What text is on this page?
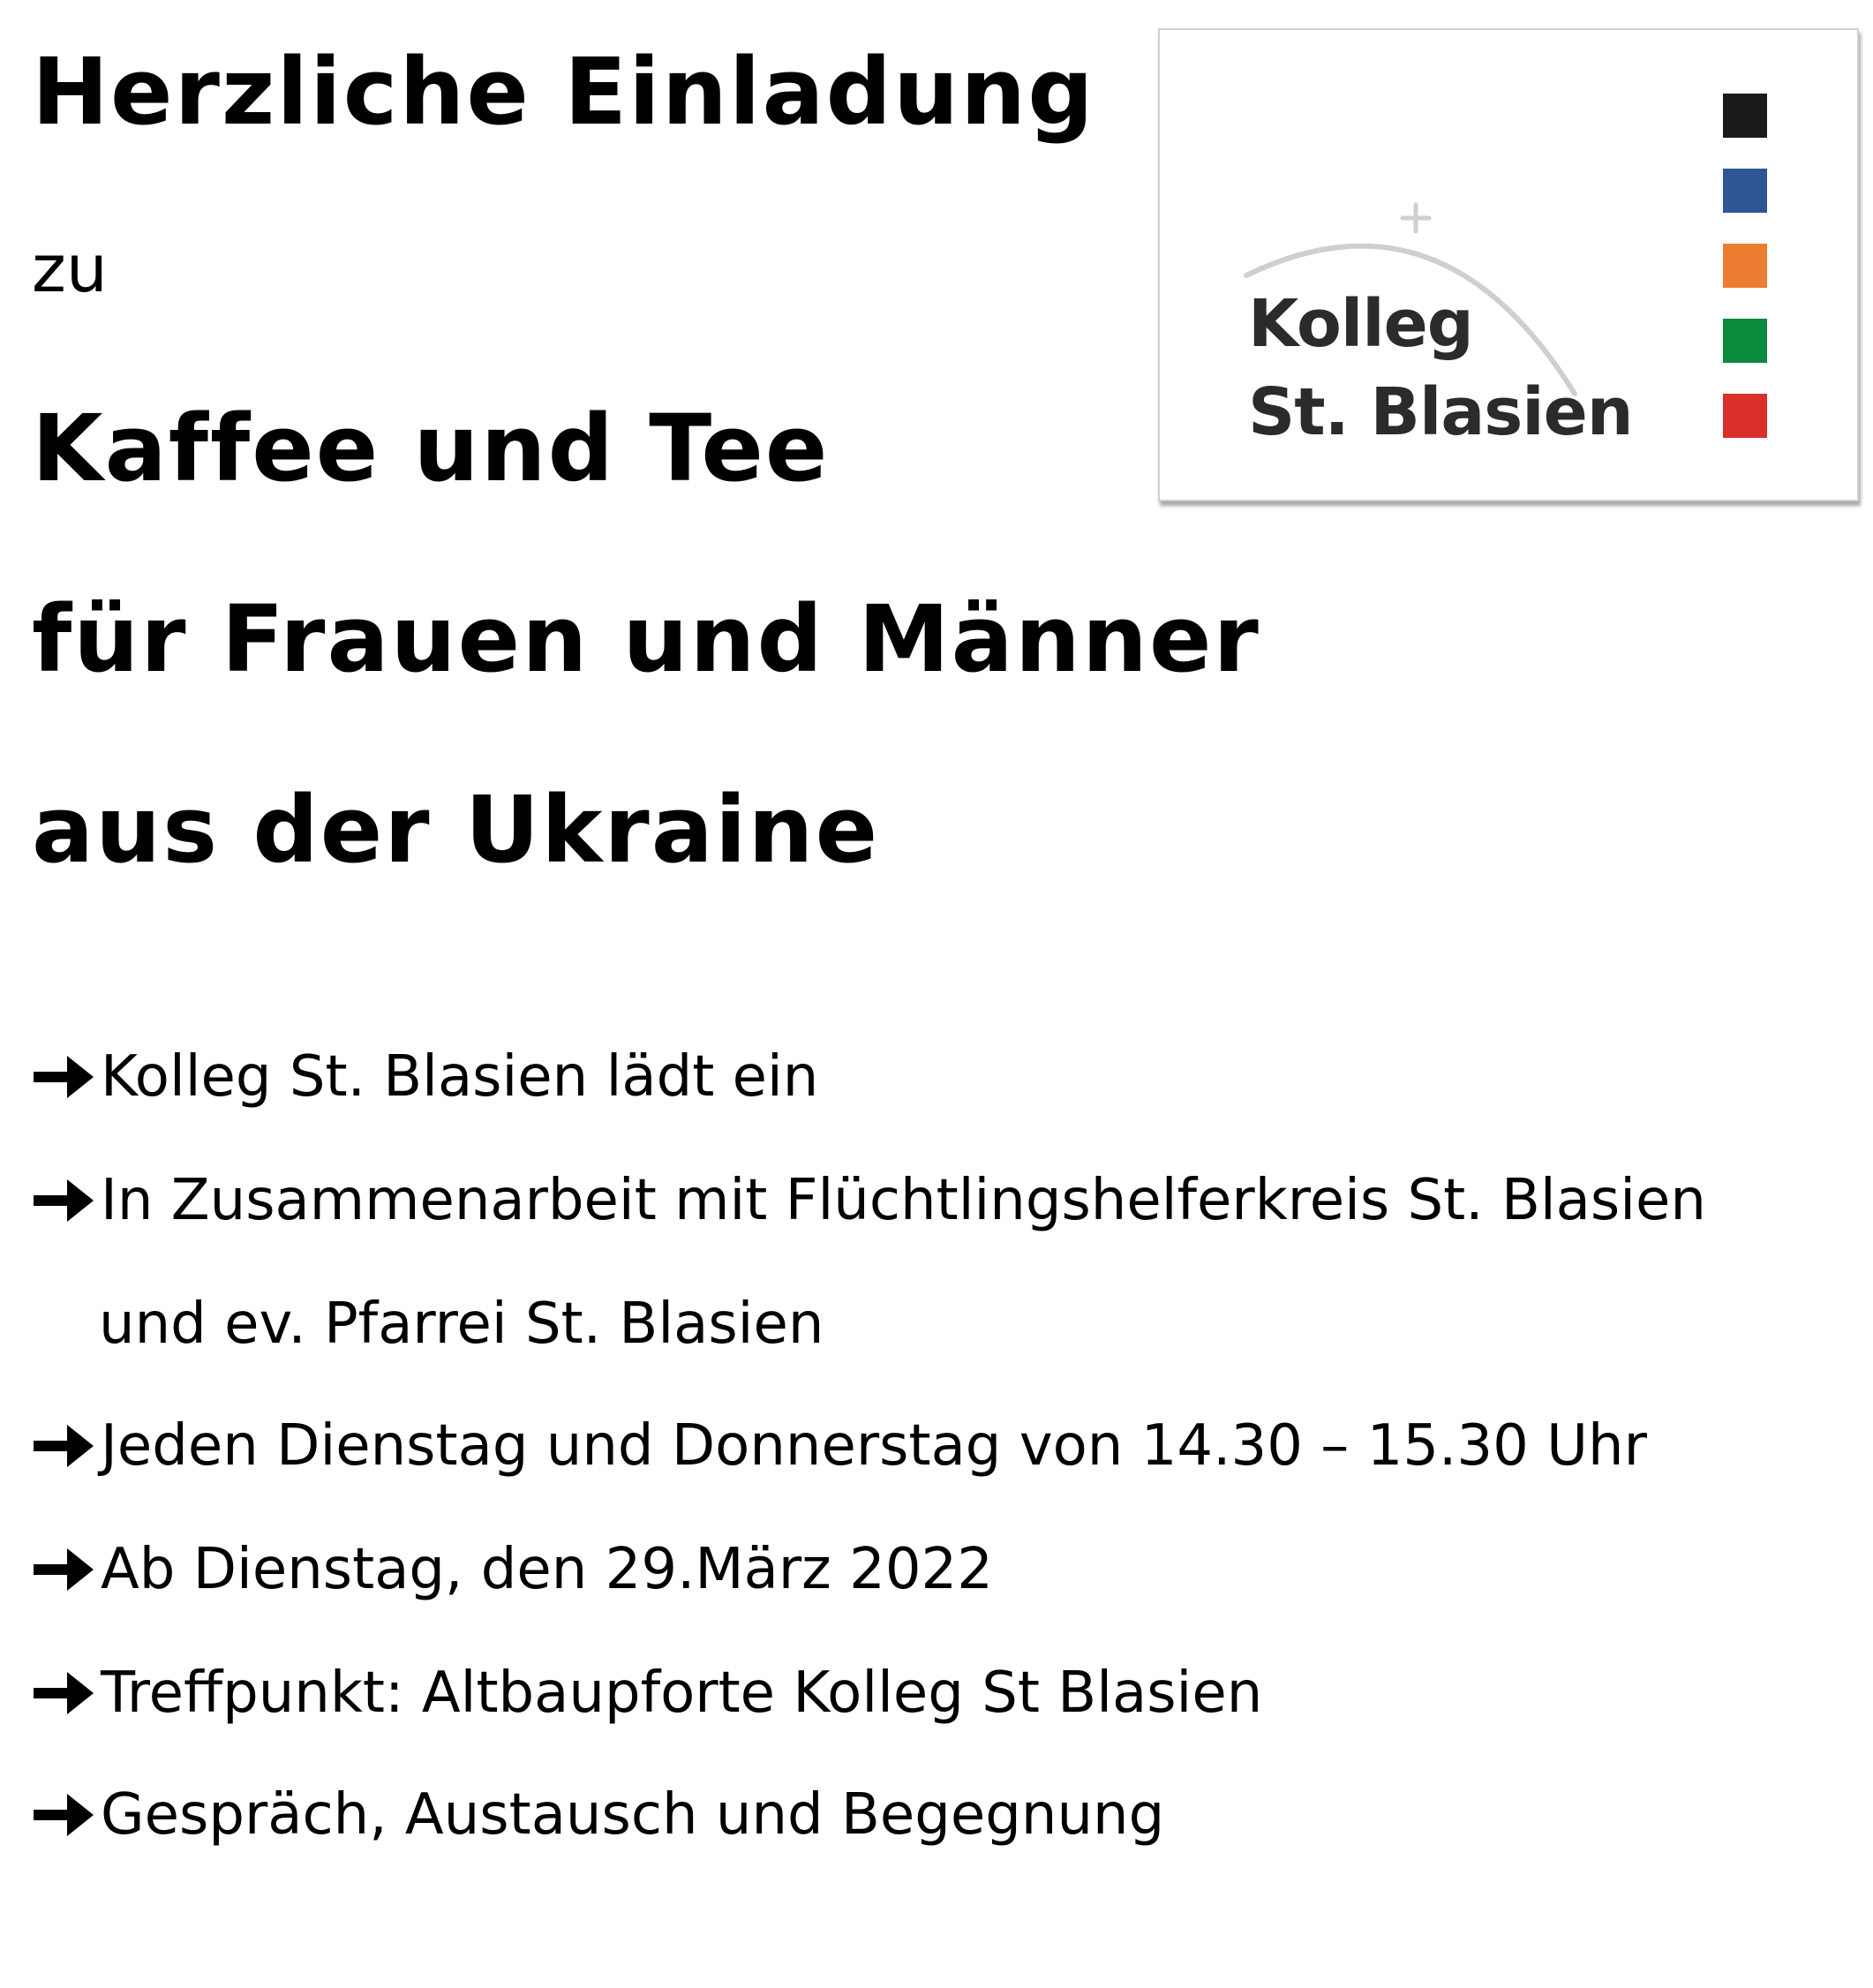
Herzliche Einladung

zu

Kaffee und Tee
für Frauen und Männer
aus der Ukraine
Kolleg
St. Blasien
Kolleg St. Blasien lädt ein
In Zusammenarbeit mit Flüchtlingshelferkreis St. Blasien
und ev. Pfarrei St. Blasien
Jeden Dienstag und Donnerstag von 14.30 – 15.30 Uhr
Ab Dienstag, den 29.März 2022
Treffpunkt: Altbaupforte Kolleg St Blasien
Gespräch, Austausch und Begegnung
